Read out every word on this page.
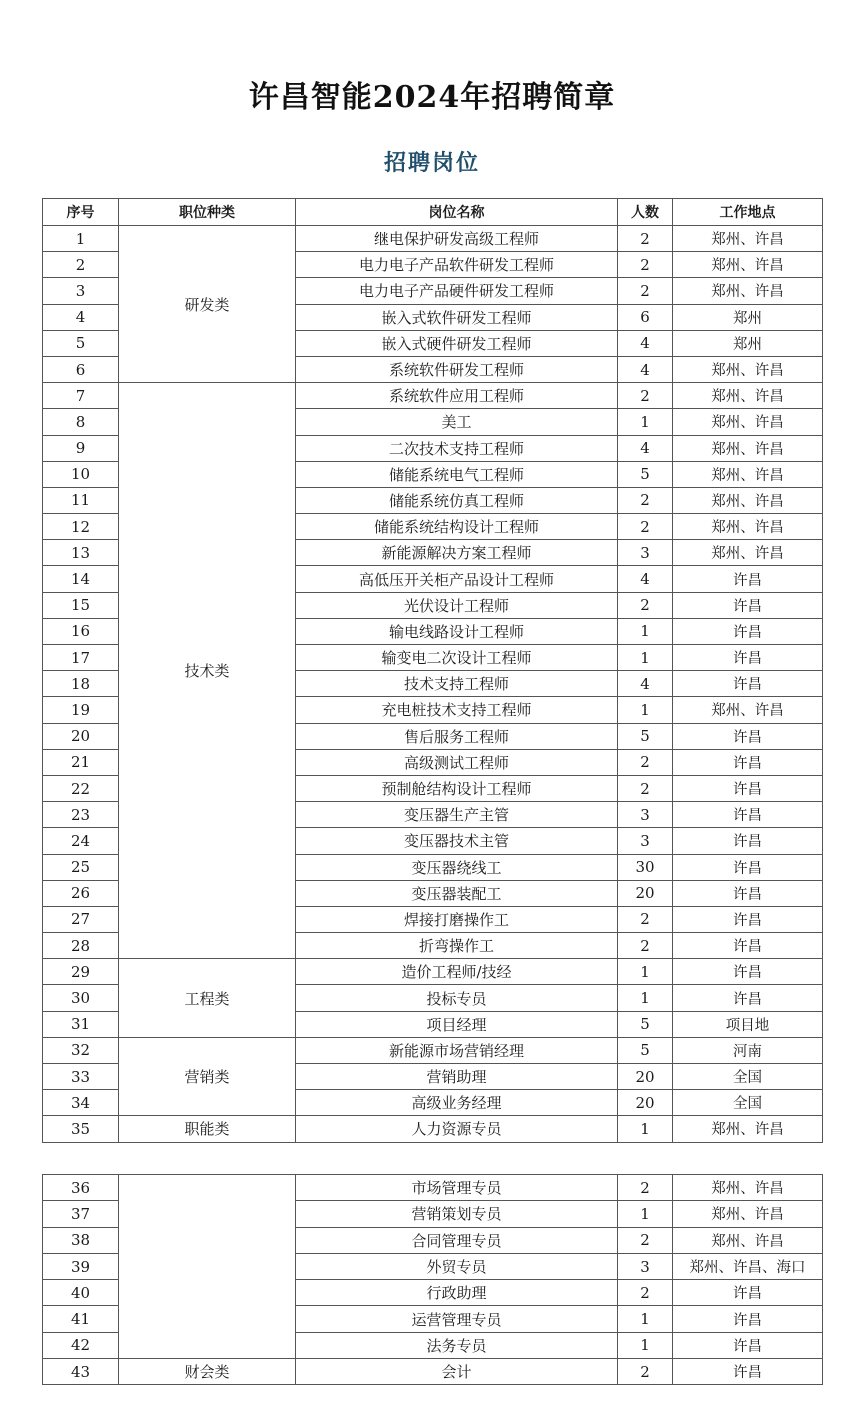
许昌智能2024年招聘简章
招聘岗位
序号	职位种类	岗位名称	人数	工作地点
1	研发类	继电保护研发高级工程师	2	郑州、许昌
2		电力电子产品软件研发工程师	2	郑州、许昌
3		电力电子产品硬件研发工程师	2	郑州、许昌
4		嵌入式软件研发工程师	6	郑州
5		嵌入式硬件研发工程师	4	郑州
6		系统软件研发工程师	4	郑州、许昌
7	技术类	系统软件应用工程师	2	郑州、许昌
8		美工	1	郑州、许昌
9		二次技术支持工程师	4	郑州、许昌
10		储能系统电气工程师	5	郑州、许昌
11		储能系统仿真工程师	2	郑州、许昌
12		储能系统结构设计工程师	2	郑州、许昌
13		新能源解决方案工程师	3	郑州、许昌
14		高低压开关柜产品设计工程师	4	许昌
15		光伏设计工程师	2	许昌
16		输电线路设计工程师	1	许昌
17		输变电二次设计工程师	1	许昌
18		技术支持工程师	4	许昌
19		充电桩技术支持工程师	1	郑州、许昌
20		售后服务工程师	5	许昌
21		高级测试工程师	2	许昌
22		预制舱结构设计工程师	2	许昌
23		变压器生产主管	3	许昌
24		变压器技术主管	3	许昌
25		变压器绕线工	30	许昌
26		变压器装配工	20	许昌
27		焊接打磨操作工	2	许昌
28		折弯操作工	2	许昌
29	工程类	造价工程师/技经	1	许昌
30		投标专员	1	许昌
31		项目经理	5	项目地
32	营销类	新能源市场营销经理	5	河南
33		营销助理	20	全国
34		高级业务经理	20	全国
35	职能类	人力资源专员	1	郑州、许昌
36		市场管理专员	2	郑州、许昌
37		营销策划专员	1	郑州、许昌
38		合同管理专员	2	郑州、许昌
39		外贸专员	3	郑州、许昌、海口
40		行政助理	2	许昌
41		运营管理专员	1	许昌
42		法务专员	1	许昌
43	财会类	会计	2	许昌
